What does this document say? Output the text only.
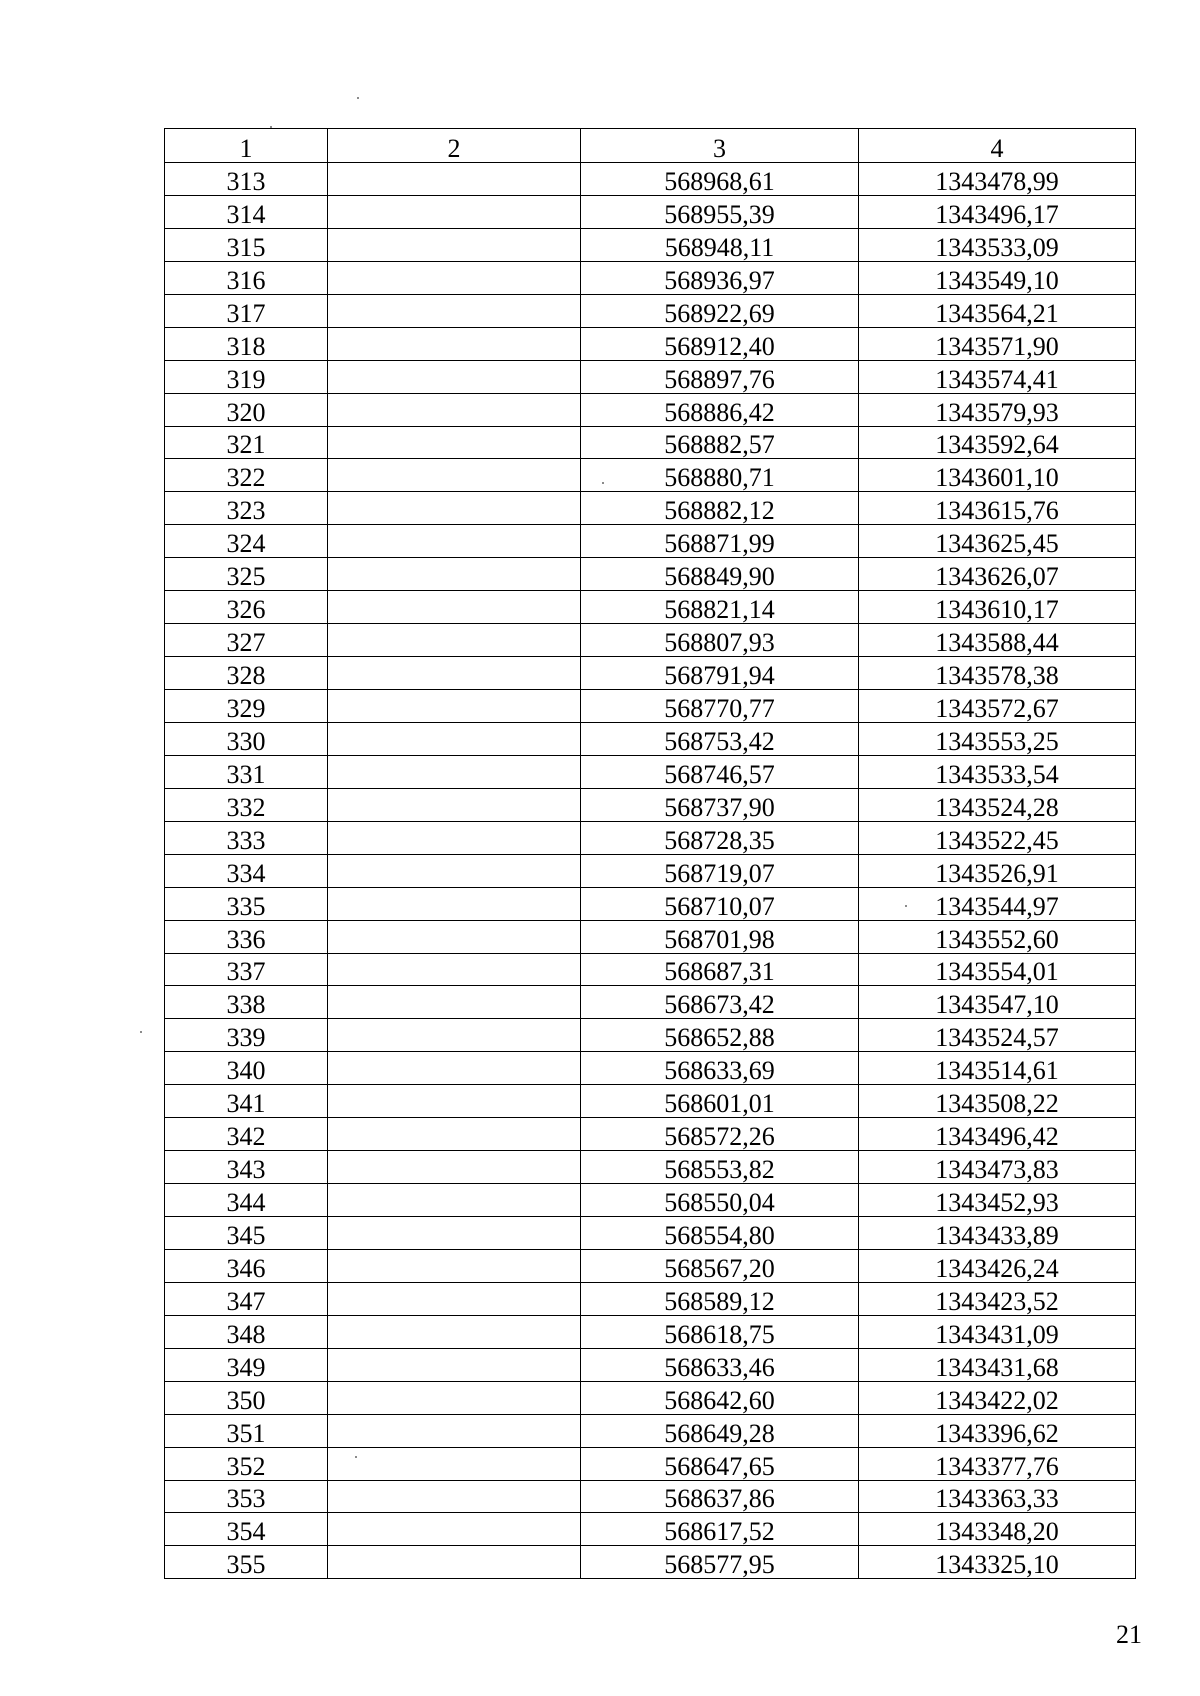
1	2	3	4
313		568968,61	1343478,99
314		568955,39	1343496,17
315		568948,11	1343533,09
316		568936,97	1343549,10
317		568922,69	1343564,21
318		568912,40	1343571,90
319		568897,76	1343574,41
320		568886,42	1343579,93
321		568882,57	1343592,64
322		568880,71	1343601,10
323		568882,12	1343615,76
324		568871,99	1343625,45
325		568849,90	1343626,07
326		568821,14	1343610,17
327		568807,93	1343588,44
328		568791,94	1343578,38
329		568770,77	1343572,67
330		568753,42	1343553,25
331		568746,57	1343533,54
332		568737,90	1343524,28
333		568728,35	1343522,45
334		568719,07	1343526,91
335		568710,07	1343544,97
336		568701,98	1343552,60
337		568687,31	1343554,01
338		568673,42	1343547,10
339		568652,88	1343524,57
340		568633,69	1343514,61
341		568601,01	1343508,22
342		568572,26	1343496,42
343		568553,82	1343473,83
344		568550,04	1343452,93
345		568554,80	1343433,89
346		568567,20	1343426,24
347		568589,12	1343423,52
348		568618,75	1343431,09
349		568633,46	1343431,68
350		568642,60	1343422,02
351		568649,28	1343396,62
352		568647,65	1343377,76
353		568637,86	1343363,33
354		568617,52	1343348,20
355		568577,95	1343325,10
21
